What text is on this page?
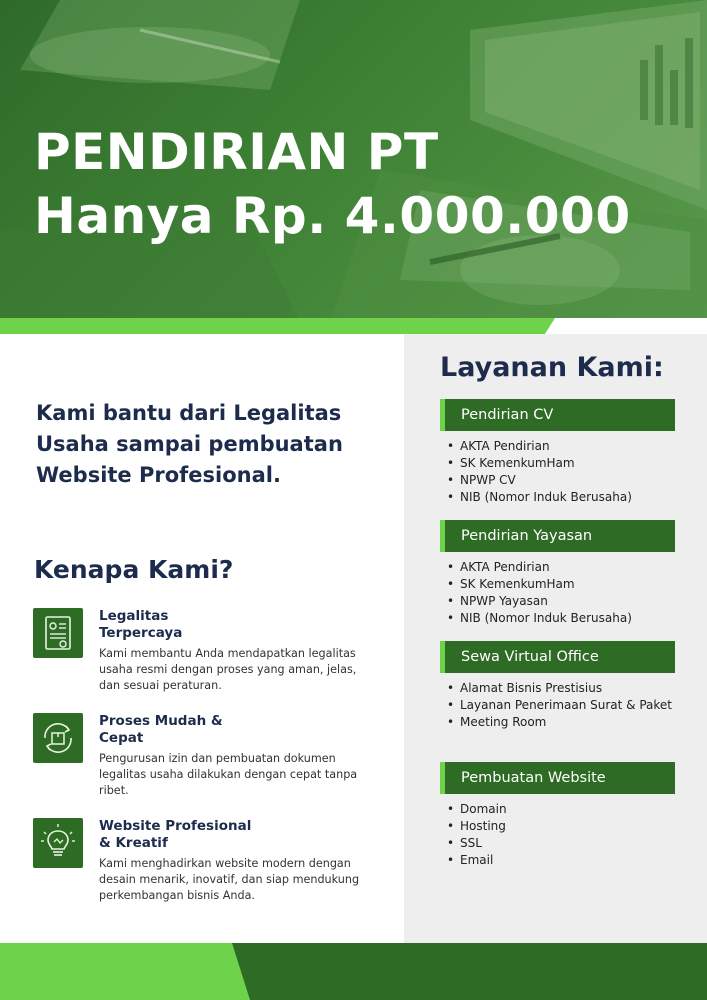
PENDIRIAN PT
Hanya Rp. 4.000.000
Layanan Kami:
Pendirian CV
• AKTA Pendirian
• SK KemenkumHam
• NPWP CV
• NIB (Nomor Induk Berusaha)
Pendirian Yayasan
• AKTA Pendirian
• SK KemenkumHam
• NPWP Yayasan
• NIB (Nomor Induk Berusaha)
Sewa Virtual Office
• Alamat Bisnis Prestisius
• Layanan Penerimaan Surat & Paket
• Meeting Room
Pembuatan Website
• Domain
• Hosting
• SSL
• Email
Kami bantu dari Legalitas
Usaha sampai pembuatan
Website Profesional.
Kenapa Kami?
Legalitas
Terpercaya
Kami membantu Anda mendapatkan legalitas
usaha resmi dengan proses yang aman, jelas,
dan sesuai peraturan.
Proses Mudah &
Cepat
Pengurusan izin dan pembuatan dokumen
legalitas usaha dilakukan dengan cepat tanpa
ribet.
Website Profesional
& Kreatif
Kami menghadirkan website modern dengan
desain menarik, inovatif, dan siap mendukung
perkembangan bisnis Anda.
